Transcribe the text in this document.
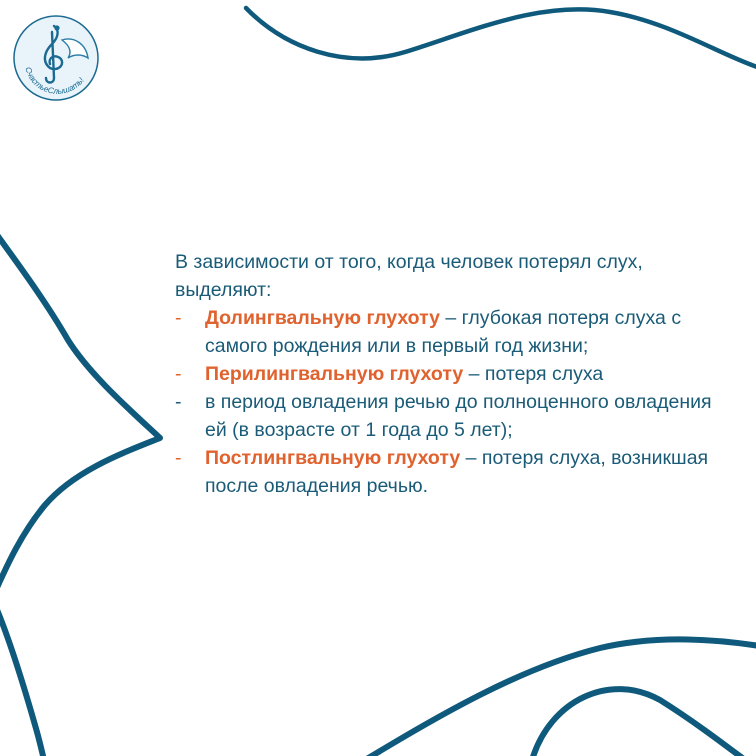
СчастьеСлышать!

В зависимости от того, когда человек потерял слух, выделяют:

-	Долингвальную глухоту – глубокая потеря слуха с самого рождения или в первый год жизни;
-	Перилингвальную глухоту – потеря слуха
-	в период овладения речью до полноценного овладения ей (в возрасте от 1 года до 5 лет);
-	Постлингвальную глухоту – потеря слуха, возникшая после овладения речью.
